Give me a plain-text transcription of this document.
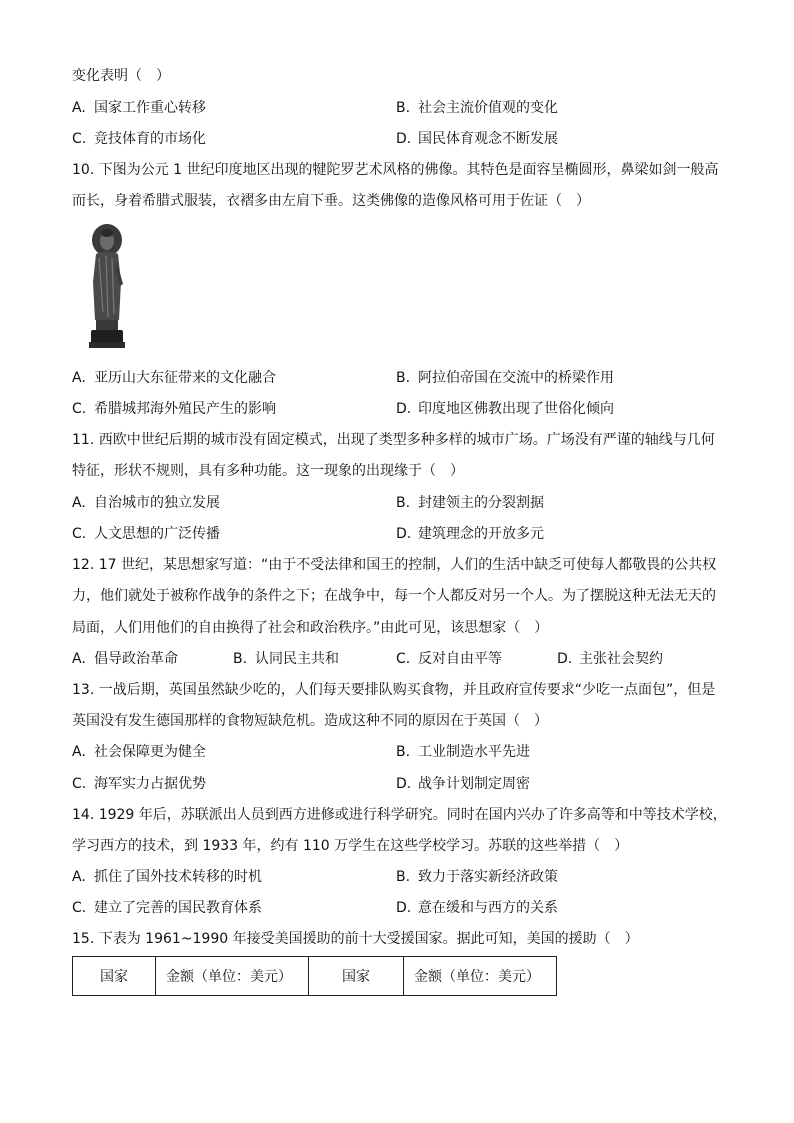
变化表明（　）
A. 国家工作重心转移	B. 社会主流价值观的变化
C. 竞技体育的市场化	D. 国民体育观念不断发展
10. 下图为公元 1 世纪印度地区出现的犍陀罗艺术风格的佛像。其特色是面容呈椭圆形，鼻梁如剑一般高
而长，身着希腊式服装，衣褶多由左肩下垂。这类佛像的造像风格可用于佐证（　）
A. 亚历山大东征带来的文化融合	B. 阿拉伯帝国在交流中的桥梁作用
C. 希腊城邦海外殖民产生的影响	D. 印度地区佛教出现了世俗化倾向
11. 西欧中世纪后期的城市没有固定模式，出现了类型多种多样的城市广场。广场没有严谨的轴线与几何
特征，形状不规则，具有多种功能。这一现象的出现缘于（　）
A. 自治城市的独立发展	B. 封建领主的分裂割据
C. 人文思想的广泛传播	D. 建筑理念的开放多元
12. 17 世纪，某思想家写道：“由于不受法律和国王的控制，人们的生活中缺乏可使每人都敬畏的公共权
力，他们就处于被称作战争的条件之下；在战争中，每一个人都反对另一个人。为了摆脱这种无法无天的
局面，人们用他们的自由换得了社会和政治秩序。”由此可见，该思想家（　）
A. 倡导政治革命	B. 认同民主共和	C. 反对自由平等	D. 主张社会契约
13. 一战后期，英国虽然缺少吃的，人们每天要排队购买食物，并且政府宣传要求“少吃一点面包”，但是
英国没有发生德国那样的食物短缺危机。造成这种不同的原因在于英国（　）
A. 社会保障更为健全	B. 工业制造水平先进
C. 海军实力占据优势	D. 战争计划制定周密
14. 1929 年后，苏联派出人员到西方进修或进行科学研究。同时在国内兴办了许多高等和中等技术学校，
学习西方的技术，到 1933 年，约有 110 万学生在这些学校学习。苏联的这些举措（　）
A. 抓住了国外技术转移的时机	B. 致力于落实新经济政策
C. 建立了完善的国民教育体系	D. 意在缓和与西方的关系
15. 下表为 1961~1990 年接受美国援助的前十大受援国家。据此可知，美国的援助（　）
国家	金额（单位：美元）	国家	金额（单位：美元）
